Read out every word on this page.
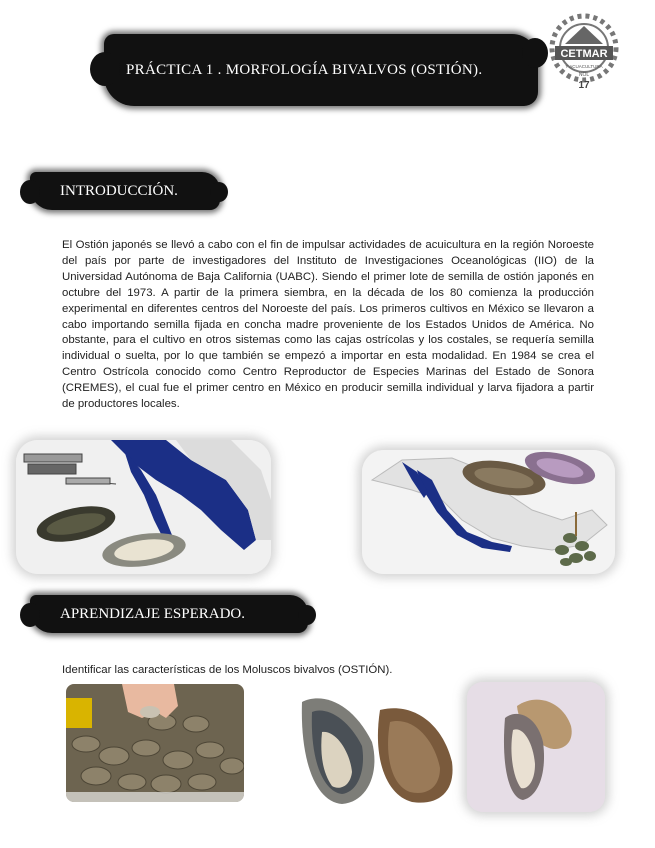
PRÁCTICA 1 . MORFOLOGÍA BIVALVOS (OSTIÓN).
CETMAR
Y ACUACULTURA
NOL
17
INTRODUCCIÓN.

El Ostión japonés se llevó a cabo con el fin de impulsar actividades de acuicultura en la región Noroeste del país por parte de investigadores del Instituto de Investigaciones Oceanológicas (IIO) de la Universidad Autónoma de Baja California (UABC). Siendo el primer lote de semilla de ostión japonés en octubre del 1973. A partir de la primera siembra, en la década de los 80 comienza la producción experimental en diferentes centros del Noroeste del país. Los primeros cultivos en México se llevaron a cabo importando semilla fijada en concha madre proveniente de los Estados Unidos de América. No obstante, para el cultivo en otros sistemas como las cajas ostrícolas y los costales, se requería semilla individual o suelta, por lo que también se empezó a importar en esta modalidad. En 1984 se crea el Centro Ostrícola conocido como Centro Reproductor de Especies Marinas del Estado de Sonora (CREMES), el cual fue el primer centro en México en producir semilla individual y larva fijadora a partir de productores locales.

APRENDIZAJE ESPERADO.

Identificar las características de los Moluscos bivalvos (OSTIÓN).
